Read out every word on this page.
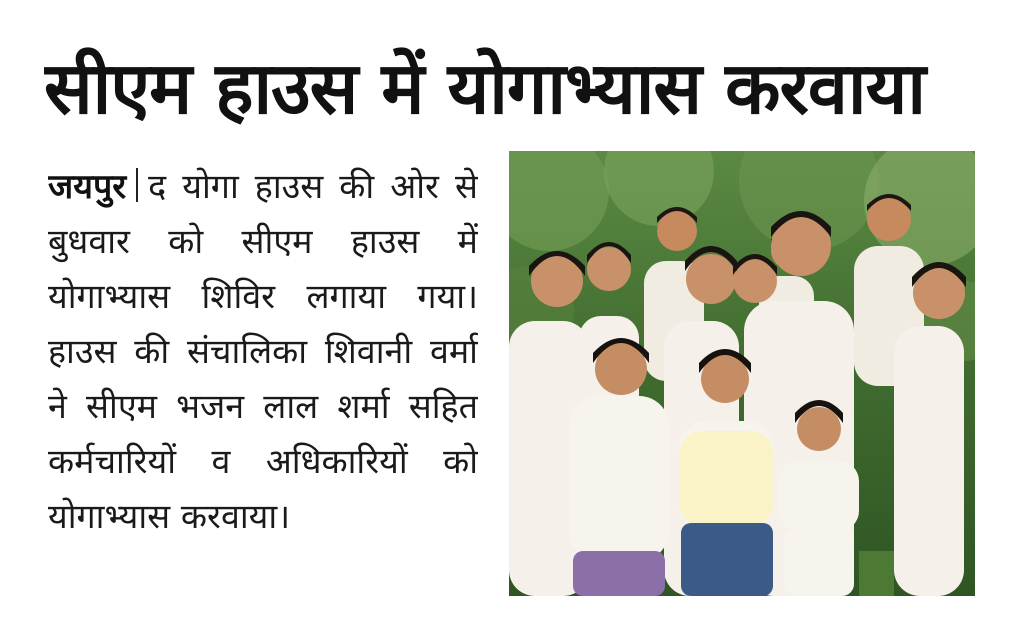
सीएम हाउस में योगाभ्यास करवाया
जयपुर द योगा हाउस की ओर से बुधवार को सीएम हाउस में योगाभ्यास शिविर लगाया गया। हाउस की संचालिका शिवानी वर्मा ने सीएम भजन लाल शर्मा सहित कर्मचारियों व अधिकारियों को योगाभ्यास करवाया।
